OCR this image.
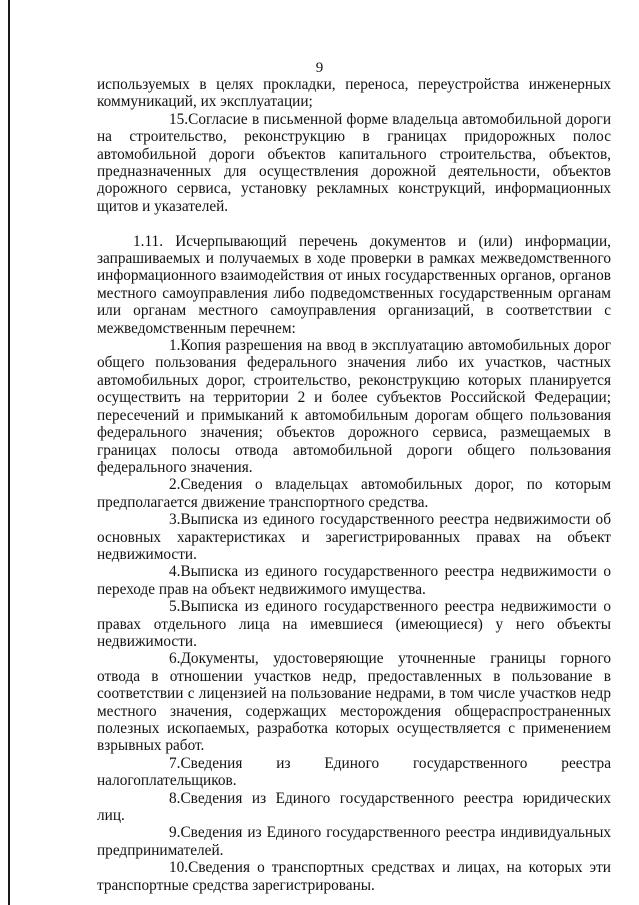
9

используемых в целях прокладки, переноса, переустройства инженерных коммуникаций, их эксплуатации;

15.Согласие в письменной форме владельца автомобильной дороги на строительство, реконструкцию в границах придорожных полос автомобильной дороги объектов капитального строительства, объектов, предназначенных для осуществления дорожной деятельности, объектов дорожного сервиса, установку рекламных конструкций, информационных щитов и указателей.

1.11. Исчерпывающий перечень документов и (или) информации, запрашиваемых и получаемых в ходе проверки в рамках межведомственного информационного взаимодействия от иных государственных органов, органов местного самоуправления либо подведомственных государственным органам или органам местного самоуправления организаций, в соответствии с межведомственным перечнем:

1.Копия разрешения на ввод в эксплуатацию автомобильных дорог общего пользования федерального значения либо их участков, частных автомобильных дорог, строительство, реконструкцию которых планируется осуществить на территории 2 и более субъектов Российской Федерации; пересечений и примыканий к автомобильным дорогам общего пользования федерального значения; объектов дорожного сервиса, размещаемых в границах полосы отвода автомобильной дороги общего пользования федерального значения.

2.Сведения о владельцах автомобильных дорог, по которым предполагается движение транспортного средства.

3.Выписка из единого государственного реестра недвижимости об основных характеристиках и зарегистрированных правах на объект недвижимости.

4.Выписка из единого государственного реестра недвижимости о переходе прав на объект недвижимого имущества.

5.Выписка из единого государственного реестра недвижимости о правах отдельного лица на имевшиеся (имеющиеся) у него объекты недвижимости.

6.Документы, удостоверяющие уточненные границы горного отвода в отношении участков недр, предоставленных в пользование в соответствии с лицензией на пользование недрами, в том числе участков недр местного значения, содержащих месторождения общераспространенных полезных ископаемых, разработка которых осуществляется с применением взрывных работ.

7.Сведения из Единого государственного реестра налогоплательщиков.

8.Сведения из Единого государственного реестра юридических лиц.

9.Сведения из Единого государственного реестра индивидуальных предпринимателей.

10.Сведения о транспортных средствах и лицах, на которых эти транспортные средства зарегистрированы.
